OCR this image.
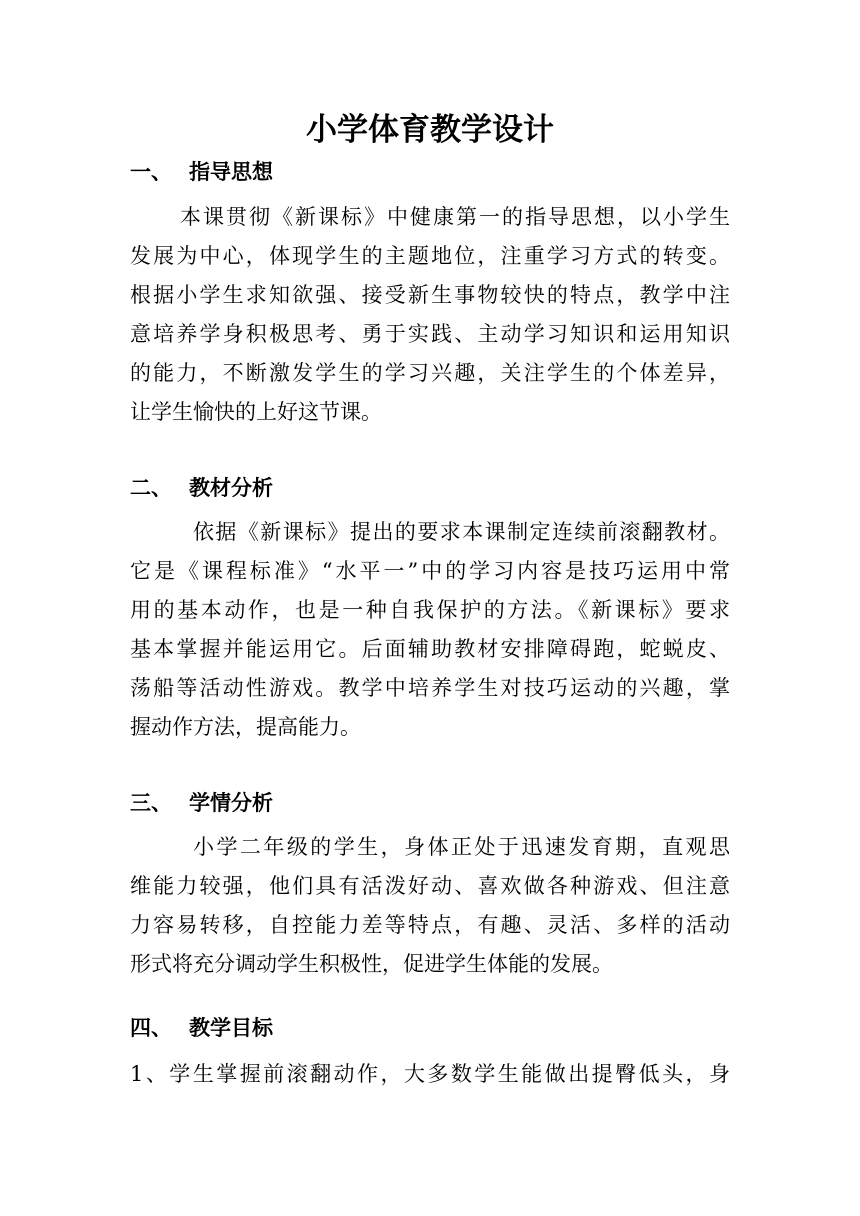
小学体育教学设计
一、 指导思想
本课贯彻《新课标》中健康第一的指导思想，以小学生
发展为中心，体现学生的主题地位，注重学习方式的转变。
根据小学生求知欲强、接受新生事物较快的特点，教学中注
意培养学身积极思考、勇于实践、主动学习知识和运用知识
的能力，不断激发学生的学习兴趣，关注学生的个体差异，
让学生愉快的上好这节课。
二、 教材分析
依据《新课标》提出的要求本课制定连续前滚翻教材。
它是《课程标准》“水平一”中的学习内容是技巧运用中常
用的基本动作，也是一种自我保护的方法。《新课标》要求
基本掌握并能运用它。后面辅助教材安排障碍跑，蛇蜕皮、
荡船等活动性游戏。教学中培养学生对技巧运动的兴趣，掌
握动作方法，提高能力。
三、 学情分析
小学二年级的学生，身体正处于迅速发育期，直观思
维能力较强，他们具有活泼好动、喜欢做各种游戏、但注意
力容易转移，自控能力差等特点，有趣、灵活、多样的活动
形式将充分调动学生积极性，促进学生体能的发展。
四、 教学目标
1、学生掌握前滚翻动作，大多数学生能做出提臀低头，身
